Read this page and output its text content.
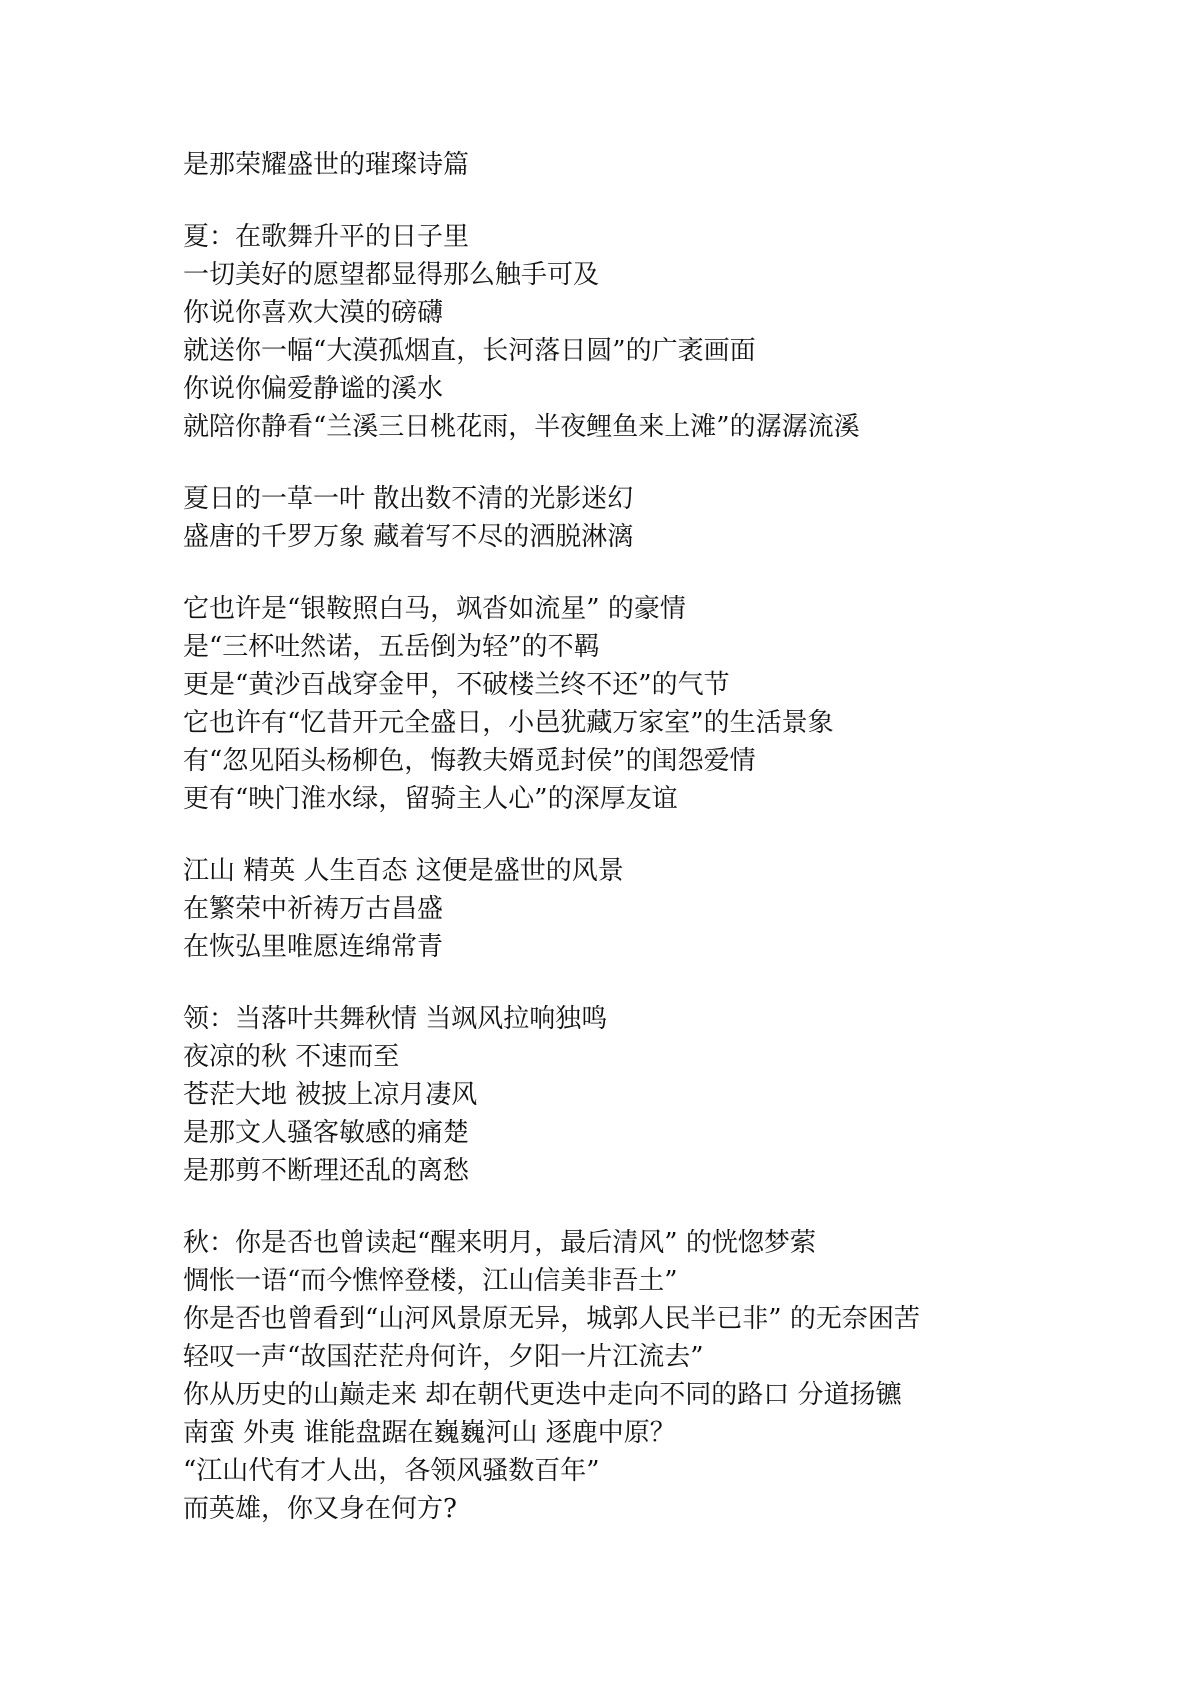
是那荣耀盛世的璀璨诗篇
夏：在歌舞升平的日子里
一切美好的愿望都显得那么触手可及
你说你喜欢大漠的磅礴
就送你一幅“大漠孤烟直，长河落日圆”的广袤画面
你说你偏爱静谧的溪水
就陪你静看“兰溪三日桃花雨，半夜鲤鱼来上滩”的潺潺流溪
夏日的一草一叶 散出数不清的光影迷幻
盛唐的千罗万象 藏着写不尽的洒脱淋漓
它也许是“银鞍照白马，飒沓如流星” 的豪情
是“三杯吐然诺，五岳倒为轻”的不羁
更是“黄沙百战穿金甲，不破楼兰终不还”的气节
它也许有“忆昔开元全盛日，小邑犹藏万家室”的生活景象
有“忽见陌头杨柳色，悔教夫婿觅封侯”的闺怨爱情
更有“映门淮水绿，留骑主人心”的深厚友谊
江山 精英 人生百态 这便是盛世的风景
在繁荣中祈祷万古昌盛
在恢弘里唯愿连绵常青
领：当落叶共舞秋情 当飒风拉响独鸣
夜凉的秋 不速而至
苍茫大地 被披上凉月凄风
是那文人骚客敏感的痛楚
是那剪不断理还乱的离愁
秋：你是否也曾读起“醒来明月，最后清风” 的恍惚梦萦
惆怅一语“而今憔悴登楼，江山信美非吾土”
你是否也曾看到“山河风景原无异，城郭人民半已非” 的无奈困苦
轻叹一声“故国茫茫舟何许，夕阳一片江流去”
你从历史的山巅走来 却在朝代更迭中走向不同的路口 分道扬镳
南蛮 外夷 谁能盘踞在巍巍河山 逐鹿中原？
“江山代有才人出，各领风骚数百年”
而英雄，你又身在何方?
